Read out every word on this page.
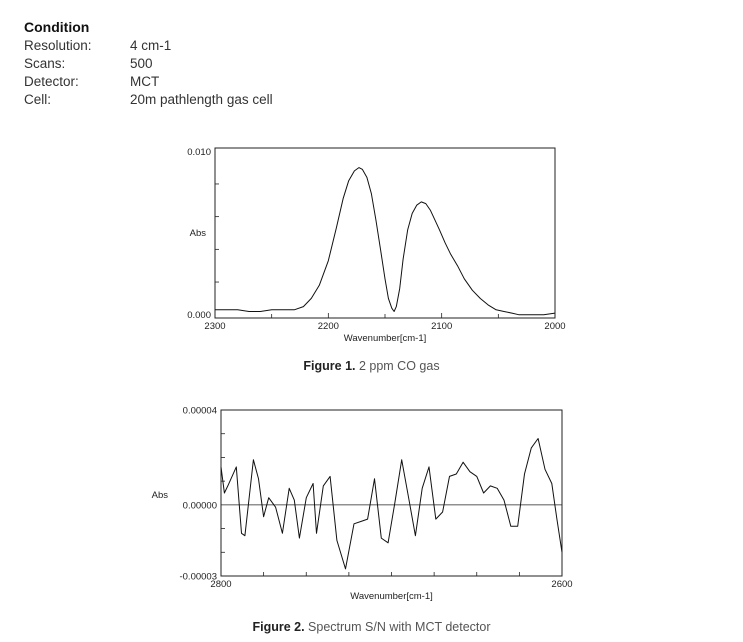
Condition
Resolution:	4 cm-1
Scans:	500
Detector:	MCT
Cell:	20m pathlength gas cell
2300	2200	2100	2000
0.000
0.010
Wavenumber[cm-1]
Abs
Figure 1. 2 ppm CO gas
2800	2600
-0.00003
0.00000
0.00004
Wavenumber[cm-1]
Abs
Figure 2. Spectrum S/N with MCT detector
